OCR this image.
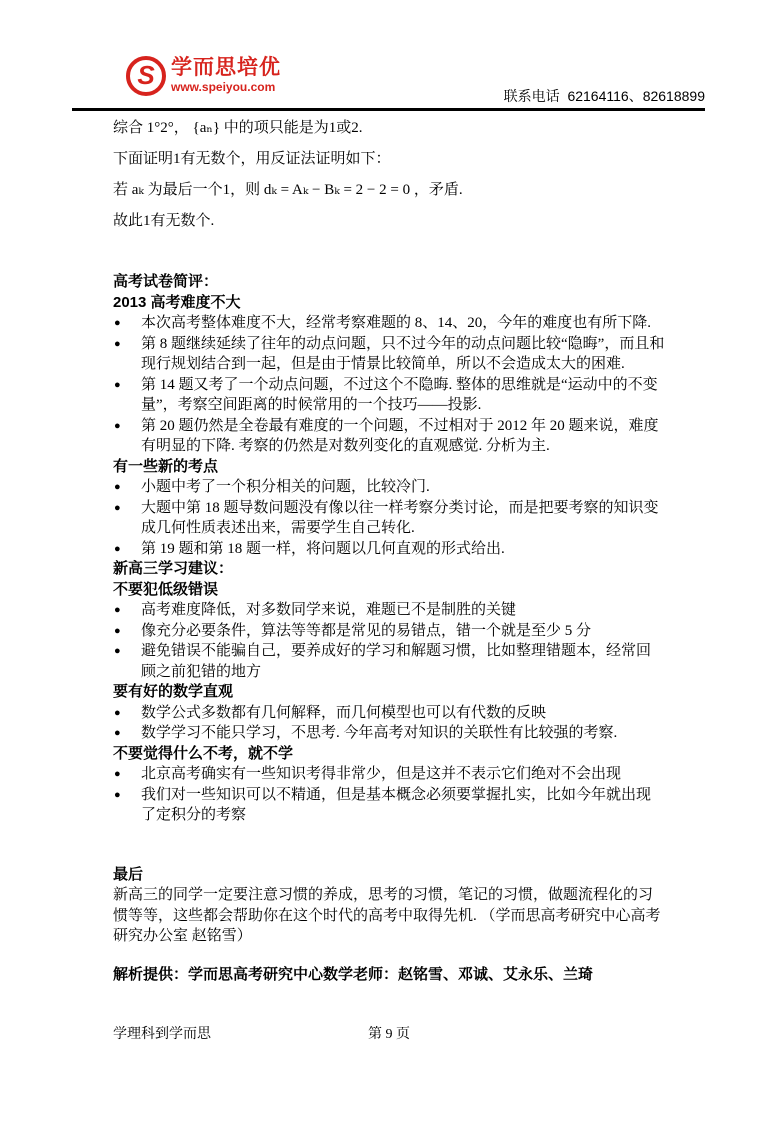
S 学而思培优
www.speiyou.com
联系电话  62164116、82618899

综合 1°2°， {aₙ} 中的项只能是为1或2.

下面证明1有无数个，用反证法证明如下：

若 aₖ 为最后一个1，则 dₖ = Aₖ − Bₖ = 2 − 2 = 0 ，矛盾.

故此1有无数个.

高考试卷简评：
2013 高考难度不大
● 本次高考整体难度不大，经常考察难题的 8、14、20，今年的难度也有所下降.
● 第 8 题继续延续了往年的动点问题，只不过今年的动点问题比较“隐晦”，而且和现行规划结合到一起，但是由于情景比较简单，所以不会造成太大的困难.
● 第 14 题又考了一个动点问题，不过这个不隐晦. 整体的思维就是“运动中的不变量”，考察空间距离的时候常用的一个技巧——投影.
● 第 20 题仍然是全卷最有难度的一个问题，不过相对于 2012 年 20 题来说，难度有明显的下降. 考察的仍然是对数列变化的直观感觉. 分析为主.
有一些新的考点
● 小题中考了一个积分相关的问题，比较冷门.
● 大题中第 18 题导数问题没有像以往一样考察分类讨论，而是把要考察的知识变成几何性质表述出来，需要学生自己转化.
● 第 19 题和第 18 题一样，将问题以几何直观的形式给出.
新高三学习建议：
不要犯低级错误
● 高考难度降低，对多数同学来说，难题已不是制胜的关键
● 像充分必要条件，算法等等都是常见的易错点，错一个就是至少 5 分
● 避免错误不能骗自己，要养成好的学习和解题习惯，比如整理错题本，经常回顾之前犯错的地方
要有好的数学直观
● 数学公式多数都有几何解释，而几何模型也可以有代数的反映
● 数学学习不能只学习，不思考. 今年高考对知识的关联性有比较强的考察.
不要觉得什么不考，就不学
● 北京高考确实有一些知识考得非常少，但是这并不表示它们绝对不会出现
● 我们对一些知识可以不精通，但是基本概念必须要掌握扎实，比如今年就出现了定积分的考察
最后

新高三的同学一定要注意习惯的养成，思考的习惯，笔记的习惯，做题流程化的习惯等等，这些都会帮助你在这个时代的高考中取得先机. （学而思高考研究中心高考研究办公室 赵铭雪）

解析提供：学而思高考研究中心数学老师：赵铭雪、邓诚、艾永乐、兰琦
学理科到学而思	第 9 页
